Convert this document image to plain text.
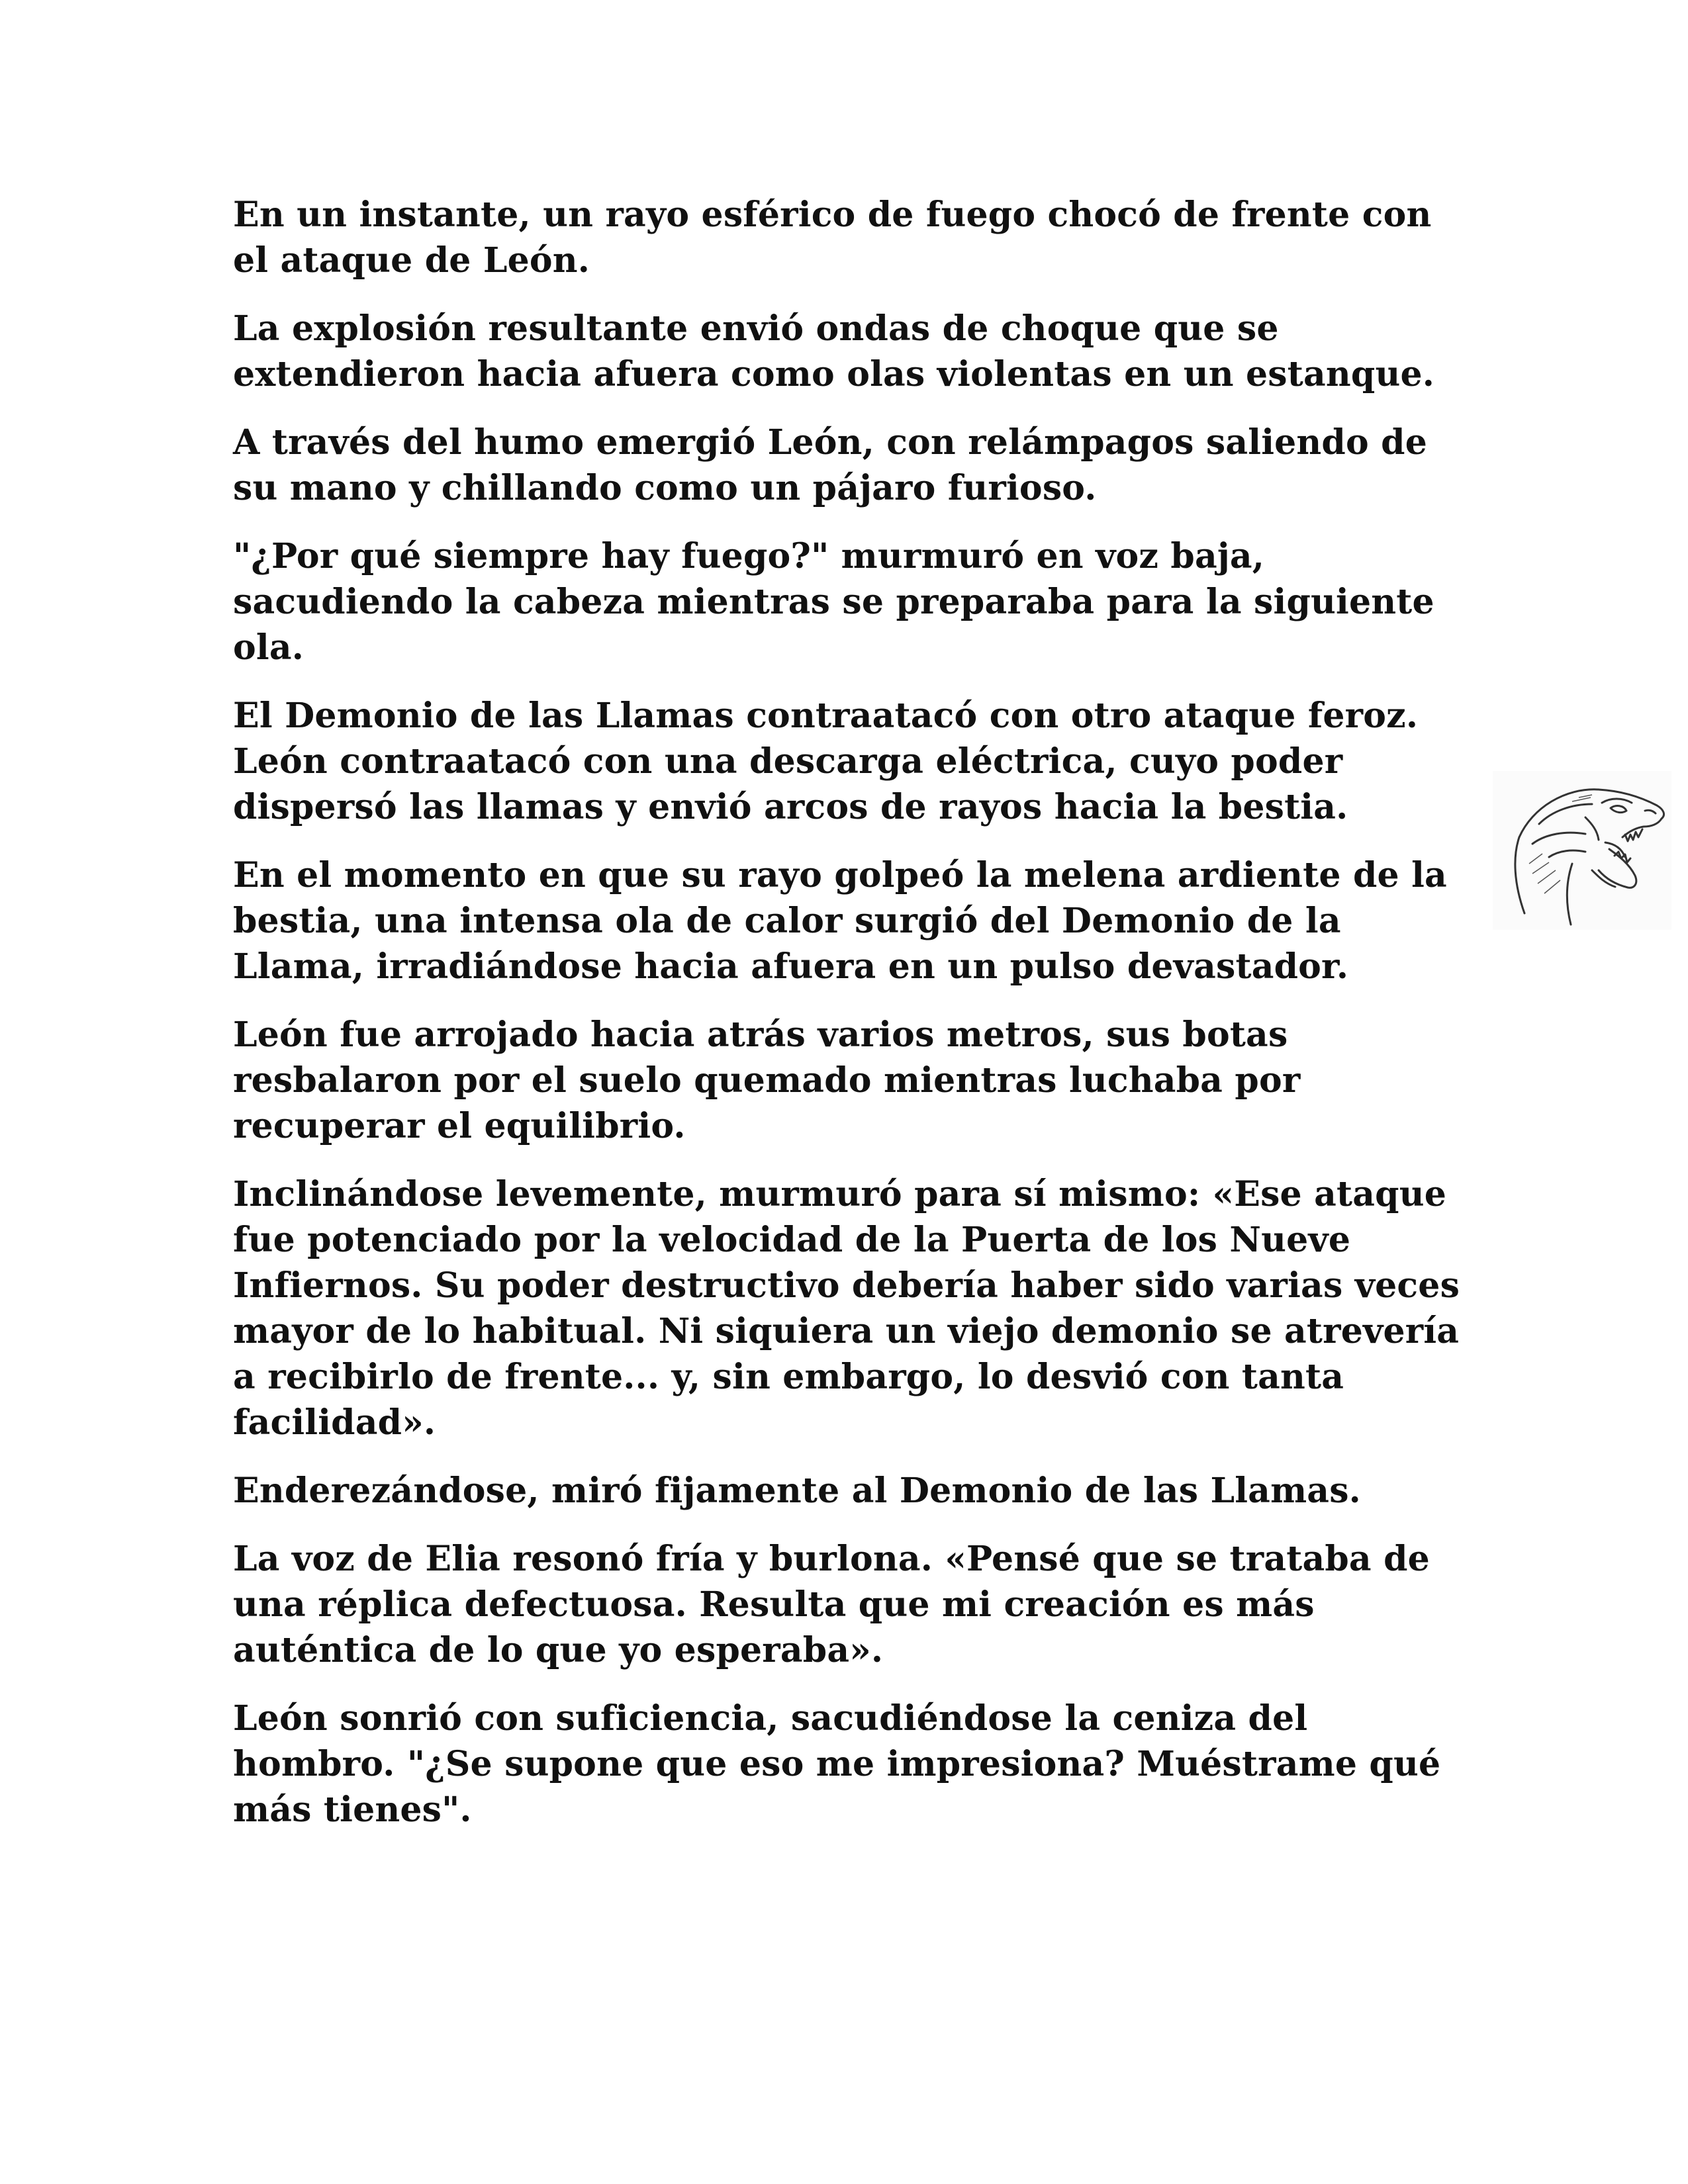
En un instante, un rayo esférico de fuego chocó de frente con el ataque de León.

La explosión resultante envió ondas de choque que se extendieron hacia afuera como olas violentas en un estanque.

A través del humo emergió León, con relámpagos saliendo de su mano y chillando como un pájaro furioso.

"¿Por qué siempre hay fuego?" murmuró en voz baja, sacudiendo la cabeza mientras se preparaba para la siguiente ola.

El Demonio de las Llamas contraatacó con otro ataque feroz. León contraatacó con una descarga eléctrica, cuyo poder dispersó las llamas y envió arcos de rayos hacia la bestia.

En el momento en que su rayo golpeó la melena ardiente de la bestia, una intensa ola de calor surgió del Demonio de la Llama, irradiándose hacia afuera en un pulso devastador.

León fue arrojado hacia atrás varios metros, sus botas resbalaron por el suelo quemado mientras luchaba por recuperar el equilibrio.

Inclinándose levemente, murmuró para sí mismo: «Ese ataque fue potenciado por la velocidad de la Puerta de los Nueve Infiernos. Su poder destructivo debería haber sido varias veces mayor de lo habitual. Ni siquiera un viejo demonio se atrevería a recibirlo de frente... y, sin embargo, lo desvió con tanta facilidad».

Enderezándose, miró fijamente al Demonio de las Llamas.

La voz de Elia resonó fría y burlona. «Pensé que se trataba de una réplica defectuosa. Resulta que mi creación es más auténtica de lo que yo esperaba».

León sonrió con suficiencia, sacudiéndose la ceniza del hombro. "¿Se supone que eso me impresiona? Muéstrame qué más tienes".
